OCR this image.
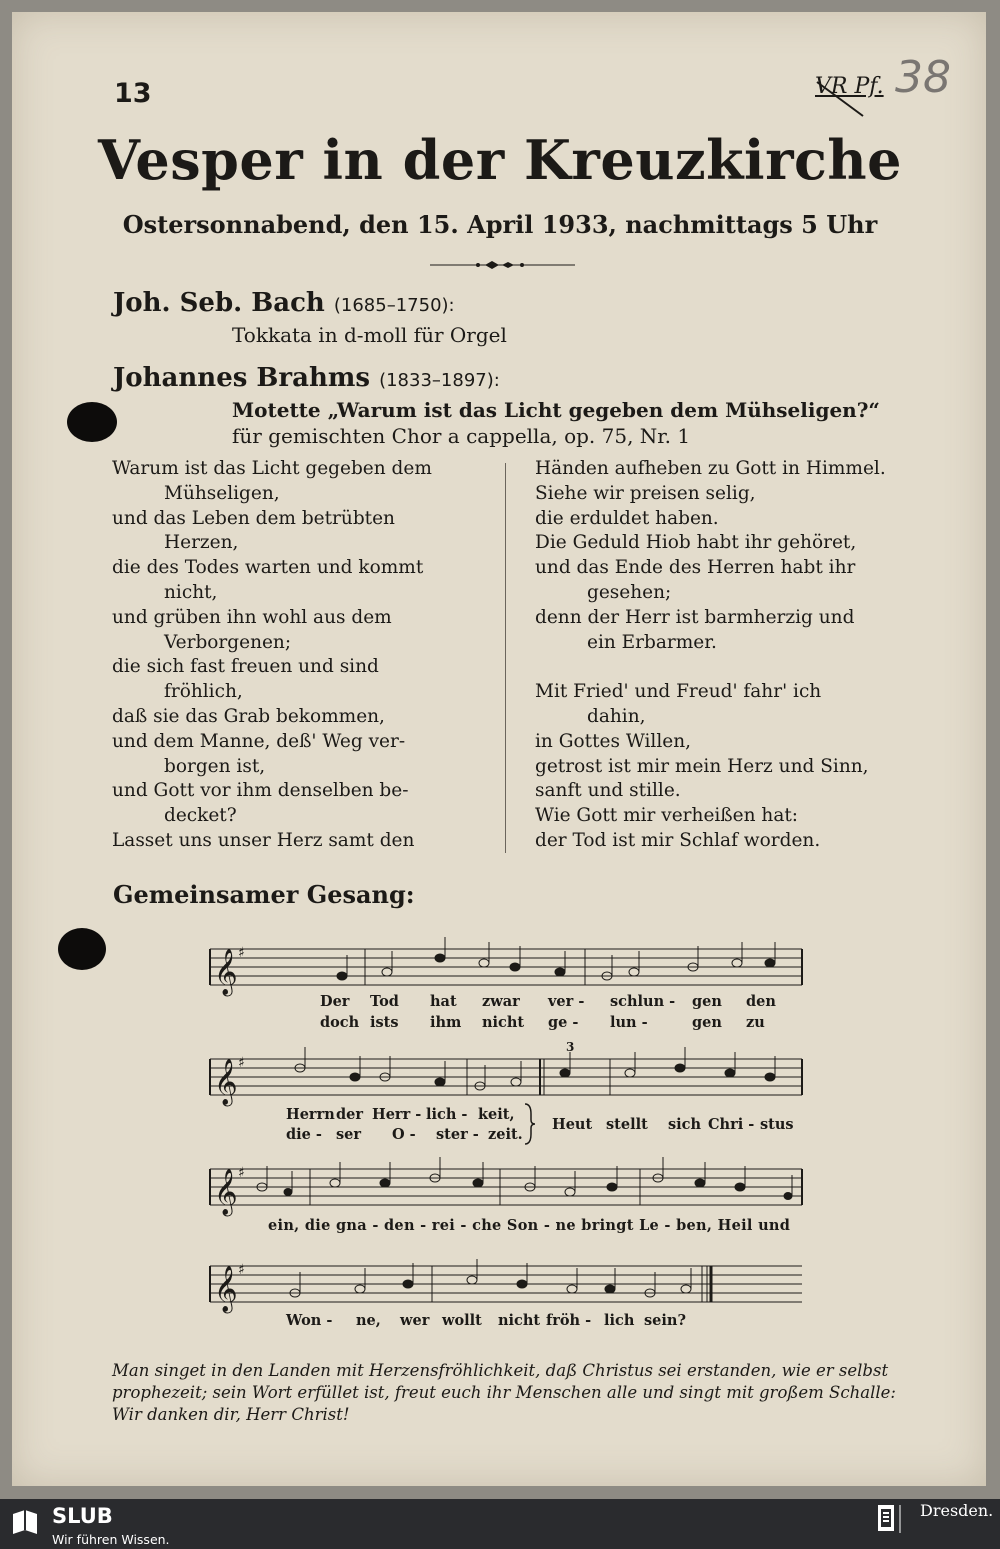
13	VR Pf. 38
Vesper in der Kreuzkirche
Ostersonnabend, den 15. April 1933, nachmittags 5 Uhr
Joh. Seb. Bach (1685–1750):
Tokkata in d-moll für Orgel
Johannes Brahms (1833–1897):
Motette „Warum ist das Licht gegeben dem Mühseligen?“
für gemischten Chor a cappella, op. 75, Nr. 1
Warum ist das Licht gegeben dem
Mühseligen,
und das Leben dem betrübten
Herzen,
die des Todes warten und kommt
nicht,
und grüben ihn wohl aus dem
Verborgenen;
die sich fast freuen und sind
fröhlich,
daß sie das Grab bekommen,
und dem Manne, deß' Weg ver-
borgen ist,
und Gott vor ihm denselben be-
decket?
Lasset uns unser Herz samt den
Händen aufheben zu Gott in Himmel.
Siehe wir preisen selig,
die erduldet haben.
Die Geduld Hiob habt ihr gehöret,
und das Ende des Herren habt ihr
gesehen;
denn der Herr ist barmherzig und
ein Erbarmer.

Mit Fried' und Freud' fahr' ich
dahin,
in Gottes Willen,
getrost ist mir mein Herz und Sinn,
sanft und stille.
Wie Gott mir verheißen hat:
der Tod ist mir Schlaf worden.
Gemeinsamer Gesang:
𝄞 ♯
Der Tod hat zwar ver - schlun - gen den
doch ists ihm nicht ge - lun -	gen zu
𝄞 ♯
3
Herrn der Herr - lich - keit,
die - ser O - ster - zeit.
Heut stellt sich Chri - stus
𝄞 ♯
ein, die gna - den - rei - che Son - ne bringt Le - ben, Heil und
𝄞 ♯
Won - ne, wer wollt nicht fröh - lich sein?
Man singet in den Landen mit Herzensfröhlichkeit, daß Christus sei erstanden, wie er selbst prophezeit; sein Wort erfüllet ist, freut euch ihr Menschen alle und singt mit großem Schalle: Wir danken dir, Herr Christ!
SLUB
Wir führen Wissen.
Dresden.
